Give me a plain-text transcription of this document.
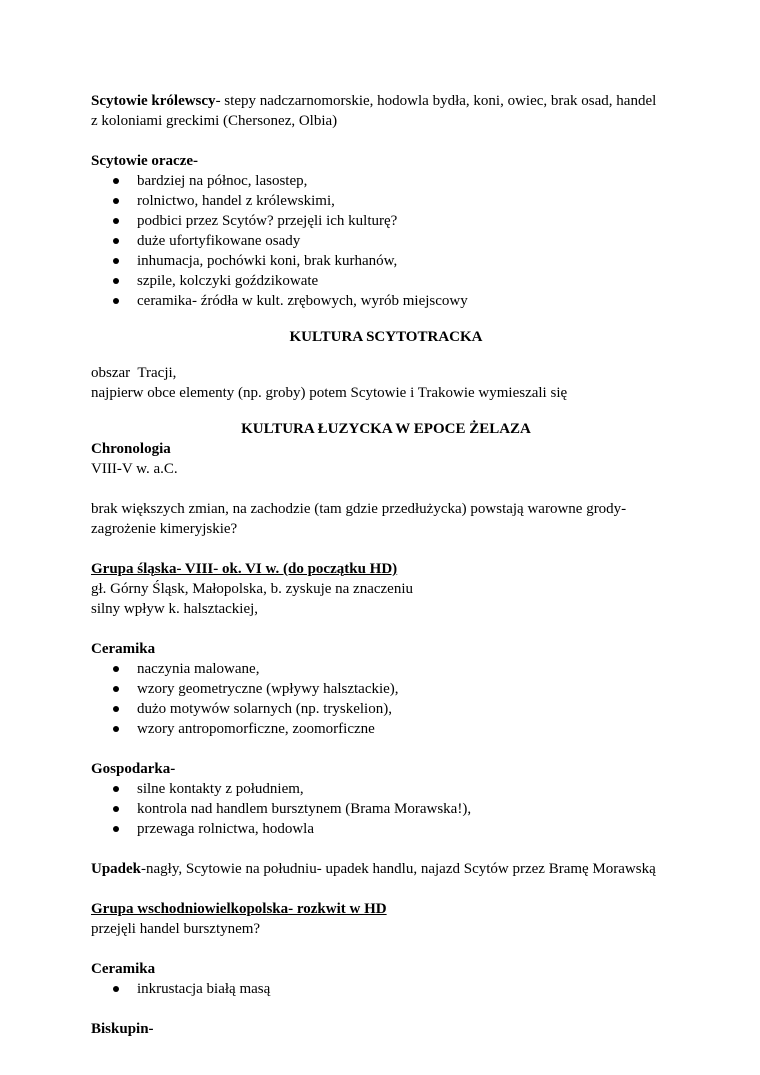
Scytowie królewscy- stepy nadczarnomorskie, hodowla bydła, koni, owiec, brak osad, handel

z koloniami greckimi (Chersonez, Olbia)

Scytowie oracze-

bardziej na północ, lasostep,
rolnictwo, handel z królewskimi,
podbici przez Scytów? przejęli ich kulturę?
duże ufortyfikowane osady
inhumacja, pochówki koni, brak kurhanów,
szpile, kolczyki goździkowate
ceramika- źródła w kult. zrębowych, wyrób miejscowy

KULTURA SCYTOTRACKA

obszar  Tracji,

najpierw obce elementy (np. groby) potem Scytowie i Trakowie wymieszali się

KULTURA ŁUZYCKA W EPOCE ŻELAZA

Chronologia

VIII-V w. a.C.

brak większych zmian, na zachodzie (tam gdzie przedłużycka) powstają warowne grody-

zagrożenie kimeryjskie?

Grupa śląska- VIII- ok. VI w. (do początku HD)

gł. Górny Śląsk, Małopolska, b. zyskuje na znaczeniu

silny wpływ k. halsztackiej,

Ceramika

naczynia malowane,
wzory geometryczne (wpływy halsztackie),
dużo motywów solarnych (np. tryskelion),
wzory antropomorficzne, zoomorficzne

Gospodarka-

silne kontakty z południem,
kontrola nad handlem bursztynem (Brama Morawska!),
przewaga rolnictwa, hodowla

Upadek-nagły, Scytowie na południu- upadek handlu, najazd Scytów przez Bramę Morawską

Grupa wschodniowielkopolska- rozkwit w HD

przejęli handel bursztynem?

Ceramika

inkrustacja białą masą

Biskupin-
